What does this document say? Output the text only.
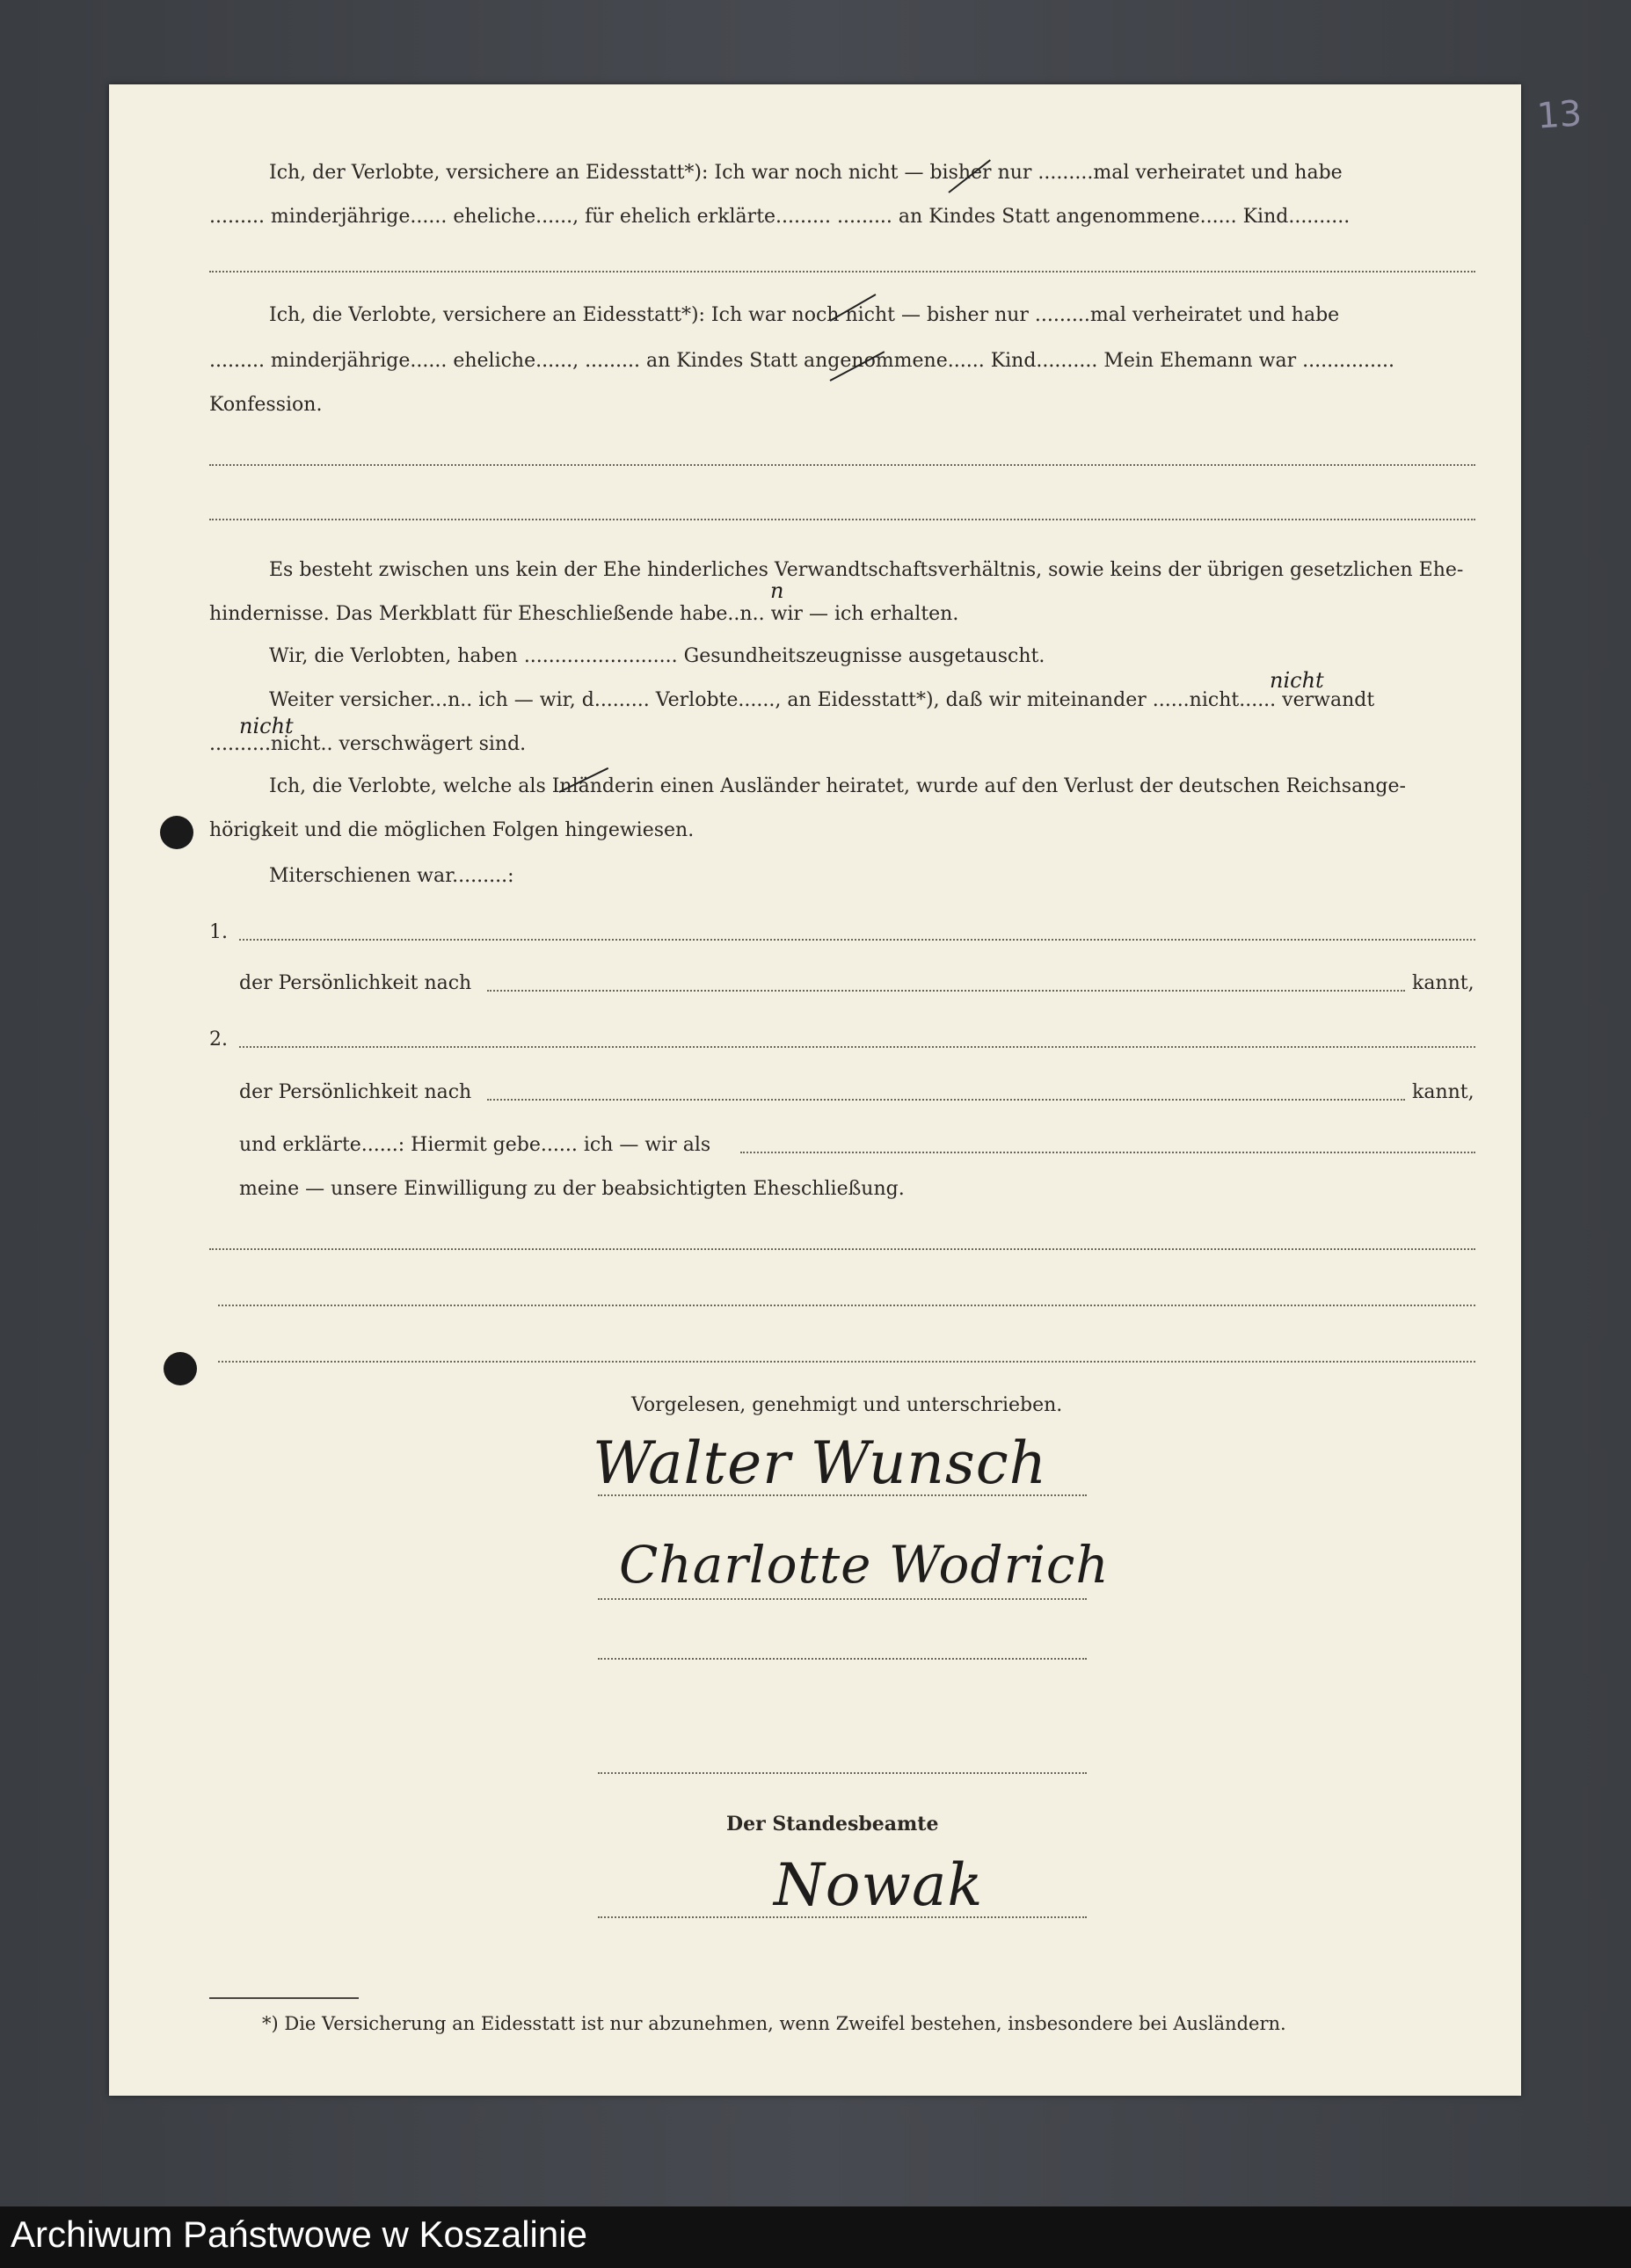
13
Ich, der Verlobte, versichere an Eidesstatt*): Ich war noch nicht — bisher nur .........mal verheiratet und habe
......... minderjährige...... eheliche......, für ehelich erklärte......... ......... an Kindes Statt angenommene...... Kind..........
Ich, die Verlobte, versichere an Eidesstatt*): Ich war noch nicht — bisher nur .........mal verheiratet und habe
......... minderjährige...... eheliche......, ......... an Kindes Statt angenommene...... Kind.......... Mein Ehemann war ...............
Konfession.
Es besteht zwischen uns kein der Ehe hinderliches Verwandtschaftsverhältnis, sowie keins der übrigen gesetzlichen Ehe-
hindernisse. Das Merkblatt für Eheschließende habe..n.. wir — ich erhalten.
Wir, die Verlobten, haben ......................... Gesundheitszeugnisse ausgetauscht.
Weiter versicher...n.. ich — wir, d......... Verlobte......, an Eidesstatt*), daß wir miteinander ......nicht...... verwandt
..........nicht.. verschwägert sind.
Ich, die Verlobte, welche als Inländerin einen Ausländer heiratet, wurde auf den Verlust der deutschen Reichsange-
hörigkeit und die möglichen Folgen hingewiesen.
Miterschienen war.........:
1.
der Persönlichkeit nach	kannt,
2.
der Persönlichkeit nach	kannt,
und erklärte......: Hiermit gebe...... ich — wir als
meine — unsere Einwilligung zu der beabsichtigten Eheschließung.
Vorgelesen, genehmigt und unterschrieben.
Walter Wunsch
Charlotte Wodrich
Der Standesbeamte
Nowak
*) Die Versicherung an Eidesstatt ist nur abzunehmen, wenn Zweifel bestehen, insbesondere bei Ausländern.
n
nicht
nicht
Archiwum Państwowe w Koszalinie
